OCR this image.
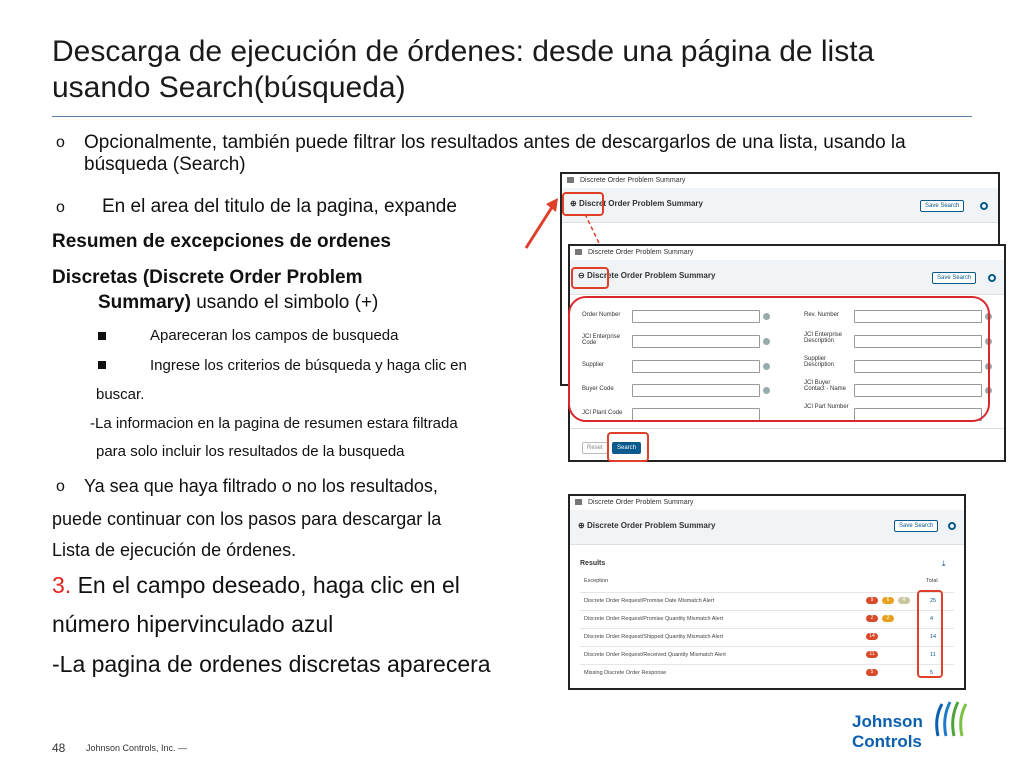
Descarga de ejecución de órdenes: desde una página de lista usando Search(búsqueda)
o Opcionalmente, también puede filtrar los resultados antes de descargarlos de una lista, usando la búsqueda (Search)
o En el area del titulo de la pagina, expande
Resumen de excepciones de ordenes
Discretas (Discrete Order Problem
Summary) usando el simbolo (+)
Apareceran los campos de busqueda
Ingrese los criterios de búsqueda y haga clic en
buscar.
-La informacion en la pagina de resumen estara filtrada
para solo incluir los resultados de la busqueda
o Ya sea que haya filtrado o no los resultados,
puede continuar con los pasos para descargar la
Lista de ejecución de órdenes.
3. En el campo deseado, haga clic en el
número hipervinculado azul
-La pagina de ordenes discretas aparecera
Discrete Order Problem Summary
⊕ Discret Order Problem Summary	Save Search
Discrete Order Problem Summary
⊖ Discrete Order Problem Summary	Save Search
Order Number
JCI Enterprise Code
Supplier
Buyer Code
JCI Plant Code
Rev. Number
JCI Enterprise Description
Supplier Description
JCI Buyer Contact - Name
JCI Part Number
Reset	Search
Discrete Order Problem Summary
⊕ Discrete Order Problem Summary	Save Search
Results	⤓
Exception	Total
Discrete Order Request/Promise Date Mismatch Alert	9	6	4	25
Discrete Order Request/Promise Quantity Mismatch Alert	2	2	4
Discrete Order Request/Shipped Quantity Mismatch Alert	14	14
Discrete Order Request/Received Quantity Mismatch Alert	11	11
Missing Discrete Order Response	5	5
48 Johnson Controls, Inc. —
Johnson
Controls
